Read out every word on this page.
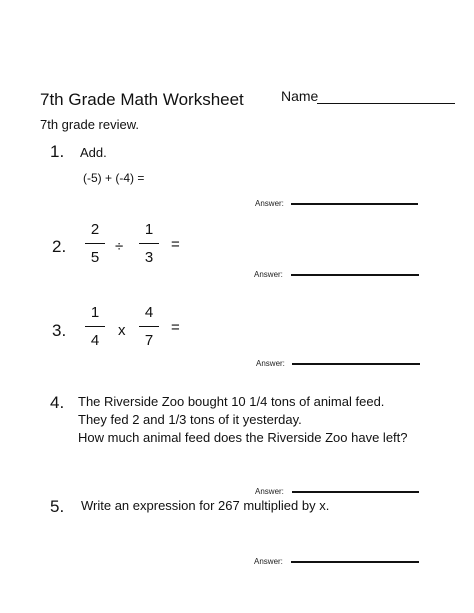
7th Grade Math Worksheet
7th grade review.
Name
1. Add.
(-5) + (-4) =
Answer:
2.
2
5
÷
1
3
=
Answer:
3.
1
4
x
4
7
=
Answer:
4. The Riverside Zoo bought 10 1/4 tons of animal feed.
They fed 2 and 1/3 tons of it yesterday.
How much animal feed does the Riverside Zoo have left?
Answer:
5. Write an expression for 267 multiplied by x.
Answer:
